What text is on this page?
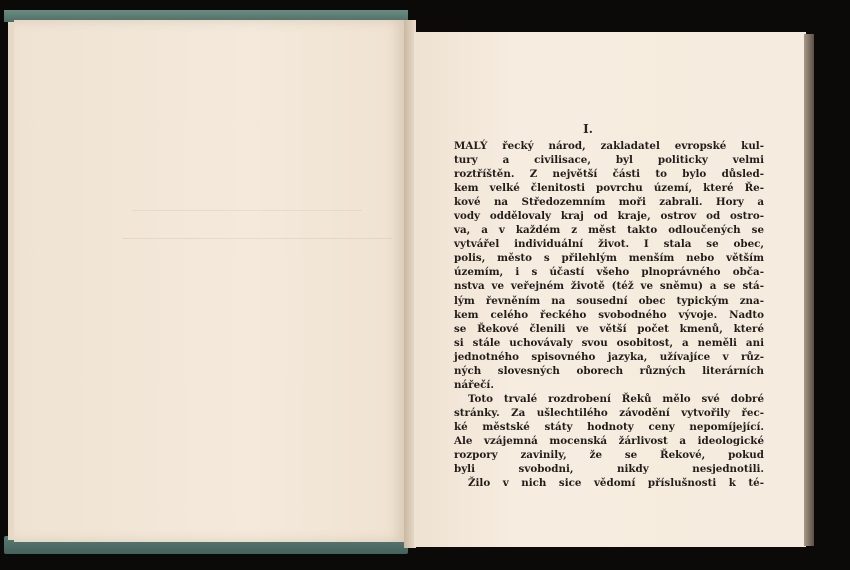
I.
MALÝ řecký národ, zakladatel evropské kul-
tury a civilisace, byl politicky velmi
roztříštěn. Z největší části to bylo důsled-
kem velké členitosti povrchu území, které Ře-
kové na Středozemním moři zabrali. Hory a
vody oddělovaly kraj od kraje, ostrov od ostro-
va, a v každém z měst takto odloučených se
vytvářel individuální život. I stala se obec,
polis, město s přilehlým menším nebo větším
územím, i s účastí všeho plnoprávného obča-
nstva ve veřejném životě (též ve sněmu) a se stá-
lým řevněním na sousední obec typickým zna-
kem celého řeckého svobodného vývoje. Nadto
se Řekové členili ve větší počet kmenů, které
si stále uchovávaly svou osobitost, a neměli ani
jednotného spisovného jazyka, užívajíce v růz-
ných slovesných oborech různých literárních
nářečí.
Toto trvalé rozdrobení Řeků mělo své dobré
stránky. Za ušlechtilého závodění vytvořily řec-
ké městské státy hodnoty ceny nepomíjející.
Ale vzájemná mocenská žárlivost a ideologické
rozpory zavinily, že se Řekové, pokud
byli svobodni, nikdy nesjednotili.
Žilo v nich sice vědomí příslušnosti k té-
